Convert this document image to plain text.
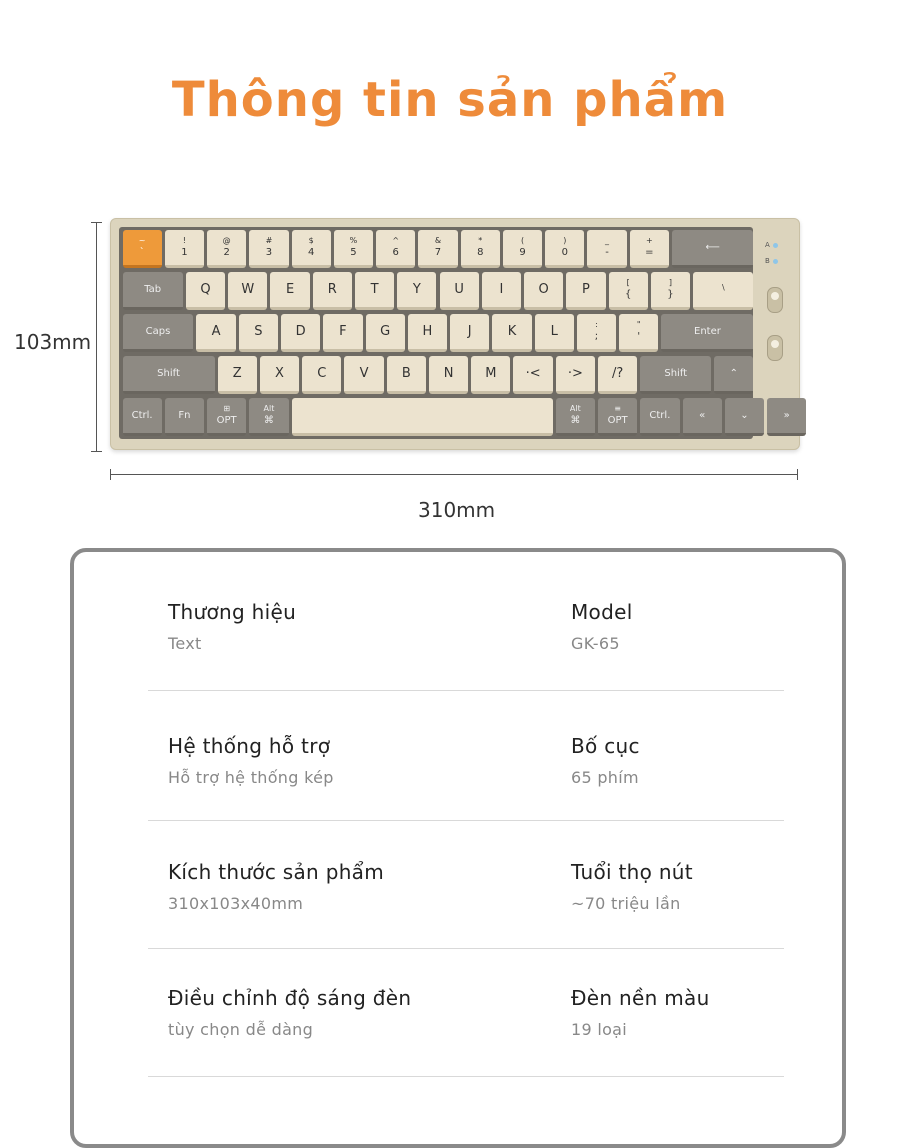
Thông tin sản phẩm
103mm
310mm
~
`
!
1
@
2
#
3
$
4
%
5
^
6
&
7
*
8
(
9
)
0
_
-
+
=	⟵
Tab	Q	W	E	R	T	Y	U	I	O	P	[
{
]
}
\
Caps	A	S	D	F	G	H	J	K	L	:
;
"
'	Enter
Shift	Z	X	C	V	B	N	M	·<	·>	/?	Shift	⌃
Ctrl.	Fn
⊞
OPT
Alt
⌘
Alt
⌘
≡
OPT	Ctrl.	«	⌄	»
A
B
Thương hiệu
Text
Model
GK-65
Hệ thống hỗ trợ
Hỗ trợ hệ thống kép
Bố cục
65 phím
Kích thước sản phẩm
310x103x40mm
Tuổi thọ nút
~70 triệu lần
Điều chỉnh độ sáng đèn
tùy chọn dễ dàng
Đèn nền màu
19 loại
